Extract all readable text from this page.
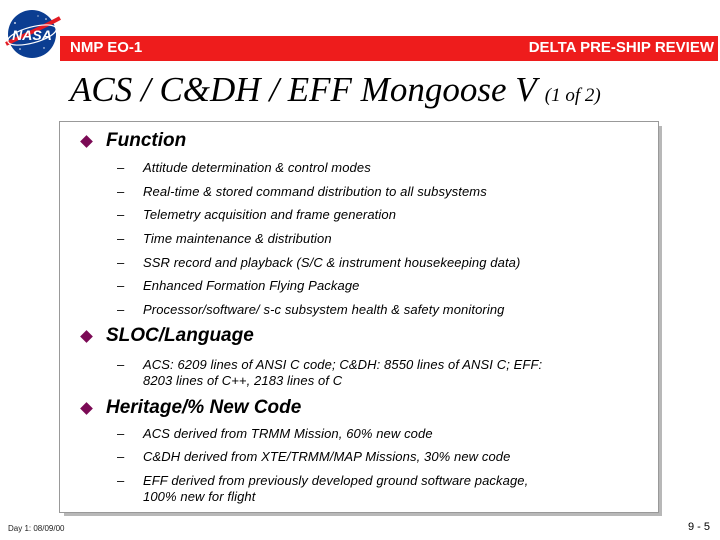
NASA
NMP EO-1	DELTA PRE-SHIP REVIEW
ACS / C&DH / EFF Mongoose V (1 of 2)
Function
– Attitude determination & control modes
– Real-time & stored command distribution to all subsystems
– Telemetry acquisition and frame generation
– Time maintenance & distribution
– SSR record and playback (S/C & instrument housekeeping data)
– Enhanced Formation Flying Package
– Processor/software/ s-c subsystem health & safety monitoring
SLOC/Language
– ACS: 6209 lines of ANSI C code; C&DH: 8550 lines of ANSI C; EFF:
8203 lines of C++, 2183 lines of C
Heritage/% New Code
– ACS derived from TRMM Mission, 60% new code
– C&DH derived from XTE/TRMM/MAP Missions, 30% new code
– EFF derived from previously developed ground software package,
100% new for flight
Day 1: 08/09/00	9 - 5
